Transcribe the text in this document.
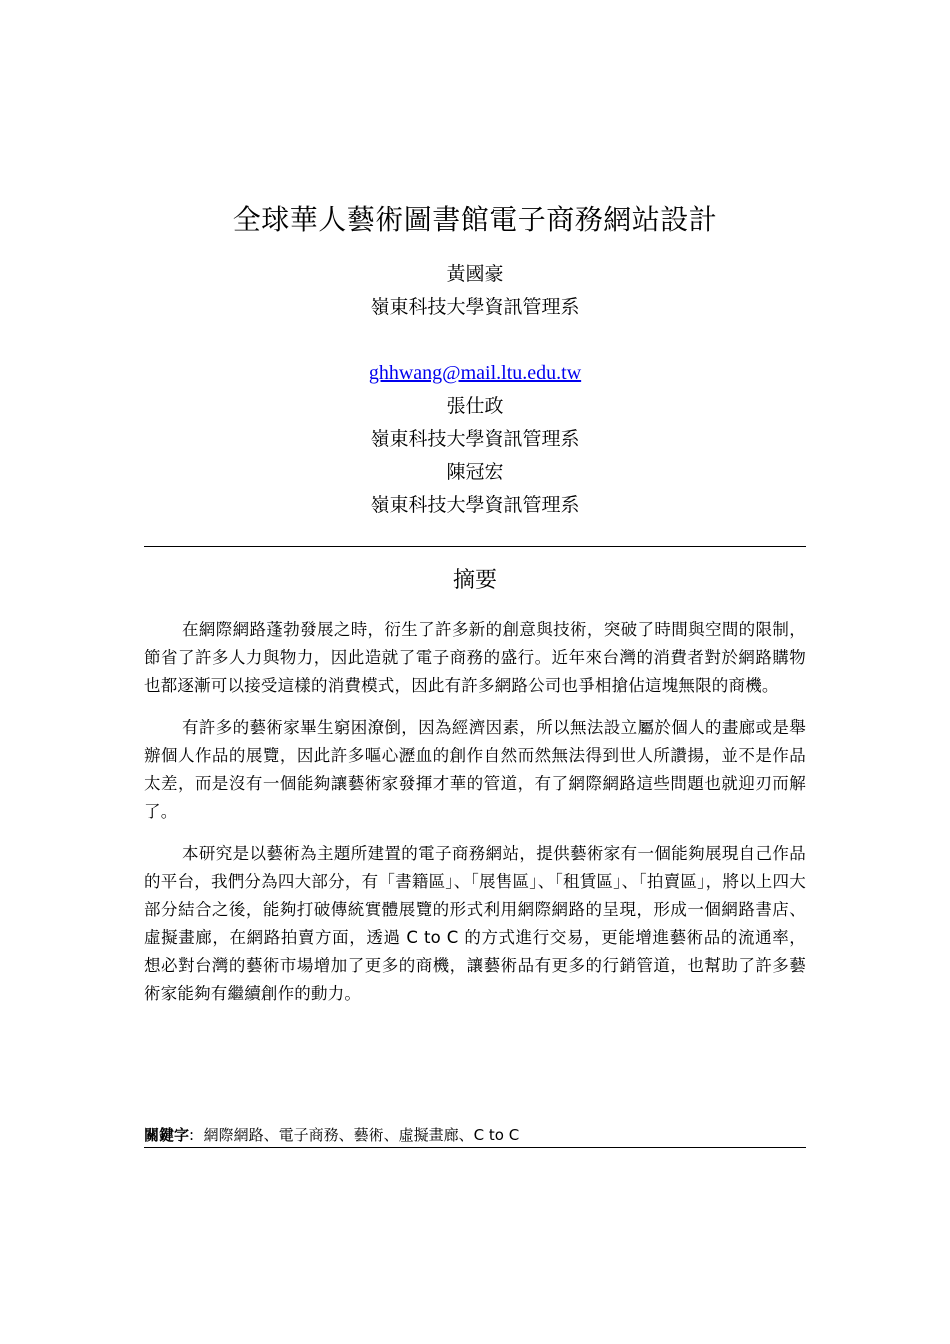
全球華人藝術圖書館電子商務網站設計
黃國豪
嶺東科技大學資訊管理系
ghhwang@mail.ltu.edu.tw
張仕政
嶺東科技大學資訊管理系
陳冠宏
嶺東科技大學資訊管理系
摘要

在網際網路蓬勃發展之時，衍生了許多新的創意與技術，突破了時間與空間的限制，節省了許多人力與物力，因此造就了電子商務的盛行。近年來台灣的消費者對於網路購物也都逐漸可以接受這樣的消費模式，因此有許多網路公司也爭相搶佔這塊無限的商機。

有許多的藝術家畢生窮困潦倒，因為經濟因素，所以無法設立屬於個人的畫廊或是舉辦個人作品的展覽，因此許多嘔心瀝血的創作自然而然無法得到世人所讚揚，並不是作品太差，而是沒有一個能夠讓藝術家發揮才華的管道，有了網際網路這些問題也就迎刃而解了。

本研究是以藝術為主題所建置的電子商務網站，提供藝術家有一個能夠展現自己作品的平台，我們分為四大部分，有「書籍區」、「展售區」、「租賃區」、「拍賣區」，將以上四大部分結合之後，能夠打破傳統實體展覽的形式利用網際網路的呈現，形成一個網路書店、虛擬畫廊，在網路拍賣方面，透過 C to C 的方式進行交易，更能增進藝術品的流通率，想必對台灣的藝術市場增加了更多的商機，讓藝術品有更多的行銷管道，也幫助了許多藝術家能夠有繼續創作的動力。

關鍵字: 網際網路、電子商務、藝術、虛擬畫廊、C to C
